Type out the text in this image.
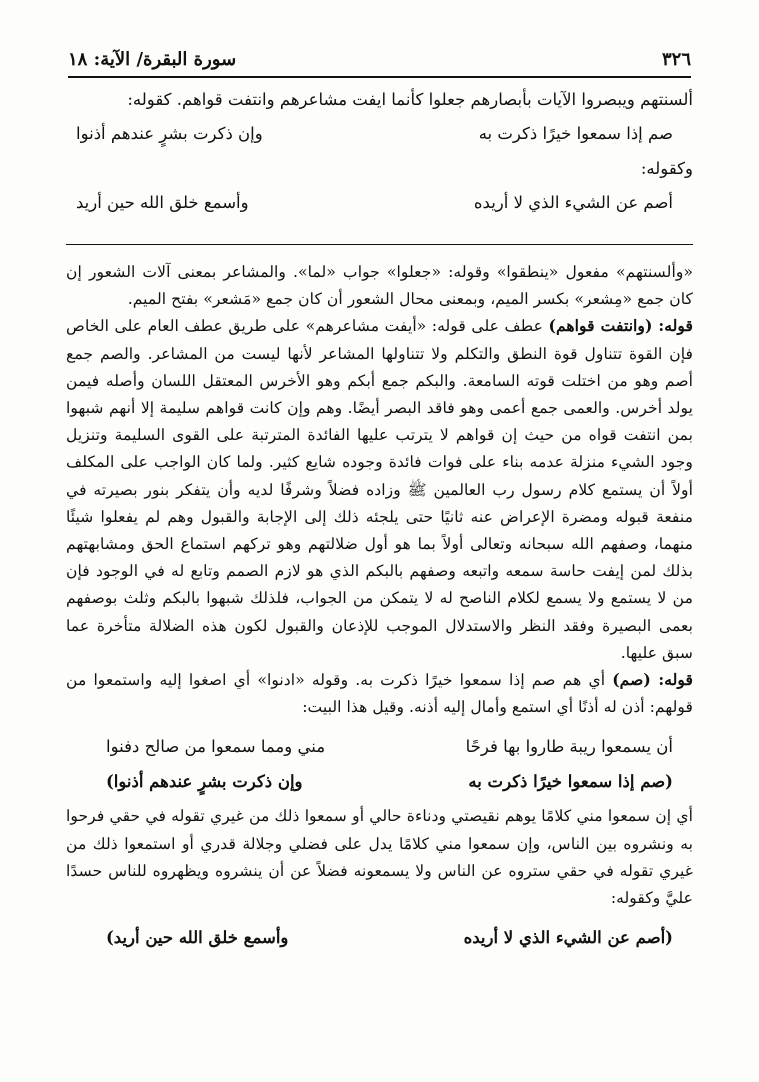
٣٢٦
سورة البقرة/ الآية: ١٨

ألسنتهم ويبصروا الآيات بأبصارهم جعلوا كأنما ايفت مشاعرهم وانتفت قواهم. كقوله:

صم إذا سمعوا خيرًا ذكرت به
وإن ذكرت بشرٍ عندهم أذنوا

وكقوله:

أصم عن الشيء الذي لا أريده
وأسمع خلق الله حين أريد

«وألسنتهم» مفعول «ينطقوا» وقوله: «جعلوا» جواب «لما». والمشاعر بمعنى آلات الشعور إن كان جمع «مِشعر» بكسر الميم، وبمعنى محال الشعور أن كان جمع «مَشعر» بفتح الميم.

قوله: (وانتفت قواهم) عطف على قوله: «أيفت مشاعرهم» على طريق عطف العام على الخاص فإن القوة تتناول قوة النطق والتكلم ولا تتناولها المشاعر لأنها ليست من المشاعر. والصم جمع أصم وهو من اختلت قوته السامعة. والبكم جمع أبكم وهو الأخرس المعتقل اللسان وأصله فيمن يولد أخرس. والعمى جمع أعمى وهو فاقد البصر أيضًا. وهم وإن كانت قواهم سليمة إلا أنهم شبهوا بمن انتفت قواه من حيث إن قواهم لا يترتب عليها الفائدة المترتبة على القوى السليمة وتنزيل وجود الشيء منزلة عدمه بناء على فوات فائدة وجوده شايع كثير. ولما كان الواجب على المكلف أولاً أن يستمع كلام رسول رب العالمين ﷺ وزاده فضلاً وشرفًا لديه وأن يتفكر بنور بصيرته في منفعة قبوله ومضرة الإعراض عنه ثانيًا حتى يلجئه ذلك إلى الإجابة والقبول وهم لم يفعلوا شيئًا منهما، وصفهم الله سبحانه وتعالى أولاً بما هو أول ضلالتهم وهو تركهم استماع الحق ومشابهتهم بذلك لمن إيفت حاسة سمعه واتبعه وصفهم بالبكم الذي هو لازم الصمم وتابع له في الوجود فإن من لا يستمع ولا يسمع لكلام الناصح له لا يتمكن من الجواب، فلذلك شبهوا بالبكم وثلث بوصفهم بعمى البصيرة وفقد النظر والاستدلال الموجب للإذعان والقبول لكون هذه الضلالة متأخرة عما سبق عليها.

قوله: (صم) أي هم صم إذا سمعوا خيرًا ذكرت به. وقوله «ادنوا» أي اصغوا إليه واستمعوا من قولهم: أذن له أذنًا أي استمع وأمال إليه أذنه. وقيل هذا البيت:

أن يسمعوا ريبة طاروا بها فرحًا
مني ومما سمعوا من صالح دفنوا
(صم إذا سمعوا خيرًا ذكرت به
وإن ذكرت بشرٍ عندهم أذنوا)

أي إن سمعوا مني كلامًا يوهم نقيصتي ودناءة حالي أو سمعوا ذلك من غيري تقوله في حقي فرحوا به ونشروه بين الناس، وإن سمعوا مني كلامًا يدل على فضلي وجلالة قدري أو استمعوا ذلك من غيري تقوله في حقي ستروه عن الناس ولا يسمعونه فضلاً عن أن ينشروه ويظهروه للناس حسدًا عليَّ وكقوله:

(أصم عن الشيء الذي لا أريده
وأسمع خلق الله حين أريد)
